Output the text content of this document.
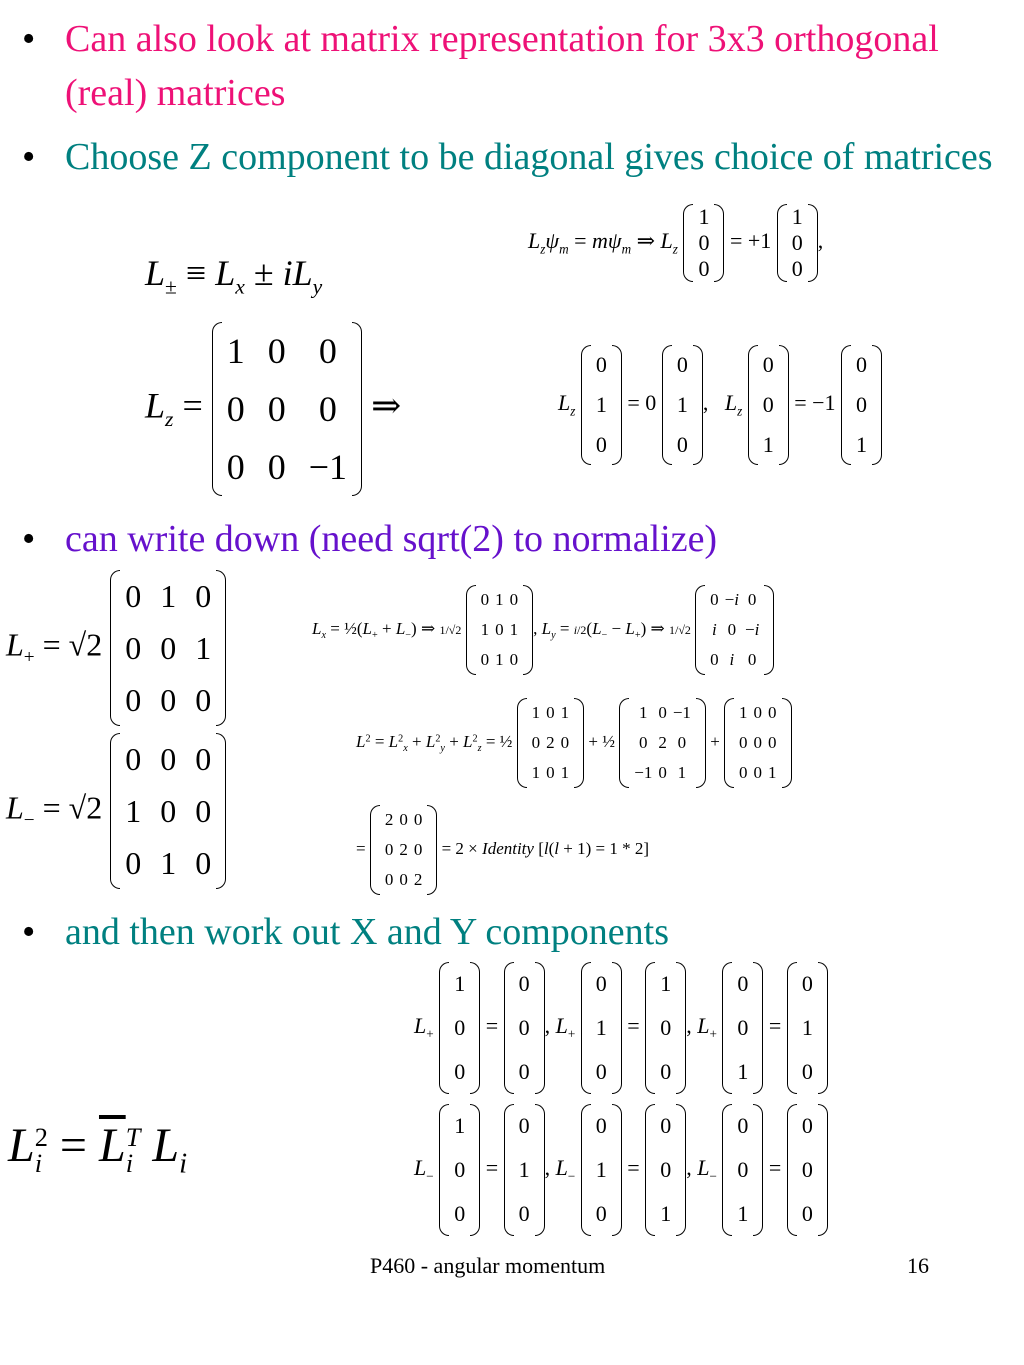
• Can also look at matrix representation for 3x3 orthogonal (real) matrices
• Choose Z component to be diagonal gives choice of matrices
• can write down (need sqrt(2) to normalize)
• and then work out X and Y components
$L_\pm \equiv L_x \pm iL_y$
$L_z\psi_m = m\psi_m$ ⇒ $L_z$
1
0
0
= +1
1
0
0
,
$L_z$ =
1	0	0
0	0	0
0	0	−1
⇒	$L_z$
0
1
0
= 0
0
1
0
,   $L_z$
0
0
1
= −1
0
0
1
$L_+ = √2$
0	1	0
0	0	1
0	0	0
$L_- = √2$
0	0	0
1	0	0
0	1	0
$L_x$ = $\frac{1}{2}(L_+ + L_-)$ ⇒ 1/√2
0	1	0
1	0	1
0	1	0
, $L_y = i/2(L_- - L_+)$ ⇒ 1/√2
0	−i	0
i	0	−i
0	i	0
$L^2 = L^2_x + L^2_y + L^2_z$ = ½
1	0	1
0	2	0
1	0	1
+ ½
1	0	−1
0	2	0
−1	0	1
+
1	0	0
0	0	0
0	0	1
=
2	0	0
0	2	0
0	0	2
= 2 × Identity [l(l + 1) = 1 * 2]
$L_+$
1
0
0
=
0
0
0
, $L_+$
0
1
0
=
1
0
0
, $L_+$
0
0
1
=
0
1
0
$L_-$
1
0
0
=
0
1
0
, $L_-$
0
1
0
=
0
0
1
, $L_-$
0
0
1
=
0
0
0
L 2
$i = \overline{L}$ T
i $L_i$
P460 - angular momentum	16
